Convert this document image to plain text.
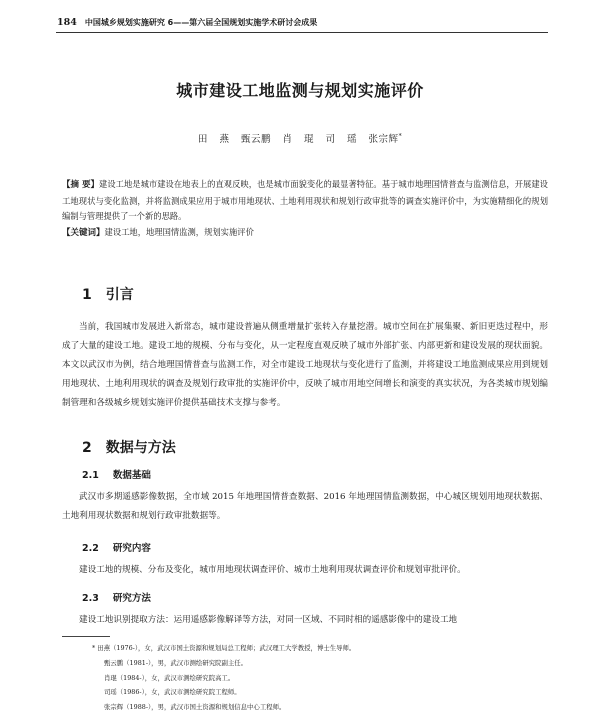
184 中国城乡规划实施研究 6——第六届全国规划实施学术研讨会成果
城市建设工地监测与规划实施评价
田 燕 甄云鹏 肖 琨 司 瑶 张宗辉*

【摘 要】建设工地是城市建设在地表上的直观反映，也是城市面貌变化的最显著特征。基于城市地理国情普查与监测信息，开展建设工地现状与变化监测，并将监测成果应用于城市用地现状、土地利用现状和规划行政审批等的调查实施评价中，为实施精细化的规划编制与管理提供了一个新的思路。

【关键词】建设工地，地理国情监测，规划实施评价

1 引言

当前，我国城市发展进入新常态，城市建设普遍从侧重增量扩张转入存量挖潜。城市空间在扩展集聚、新旧更迭过程中，形成了大量的建设工地。建设工地的规模、分布与变化，从一定程度直观反映了城市外部扩张、内部更新和建设发展的现状面貌。本文以武汉市为例，结合地理国情普查与监测工作，对全市建设工地现状与变化进行了监测，并将建设工地监测成果应用到规划用地现状、土地利用现状的调查及规划行政审批的实施评价中，反映了城市用地空间增长和演变的真实状况，为各类城市规划编制管理和各级城乡规划实施评价提供基础技术支撑与参考。

2 数据与方法
2.1 数据基础

武汉市多期遥感影像数据，全市域 2015 年地理国情普查数据、2016 年地理国情监测数据，中心城区规划用地现状数据、土地利用现状数据和规划行政审批数据等。

2.2 研究内容

建设工地的规模、分布及变化，城市用地现状调查评价、城市土地利用现状调查评价和规划审批评价。

2.3 研究方法

建设工地识别提取方法：运用遥感影像解译等方法，对同一区域、不同时相的遥感影像中的建设工地

* 田燕（1976-），女，武汉市国土资源和规划局总工程师；武汉理工大学教授，博士生导师。
甄云鹏（1981-），男，武汉市测绘研究院副主任。
肖琨（1984-），女，武汉市测绘研究院高工。
司瑶（1986-），女，武汉市测绘研究院工程师。
张宗辉（1988-），男，武汉市国土资源和规划信息中心工程师。
